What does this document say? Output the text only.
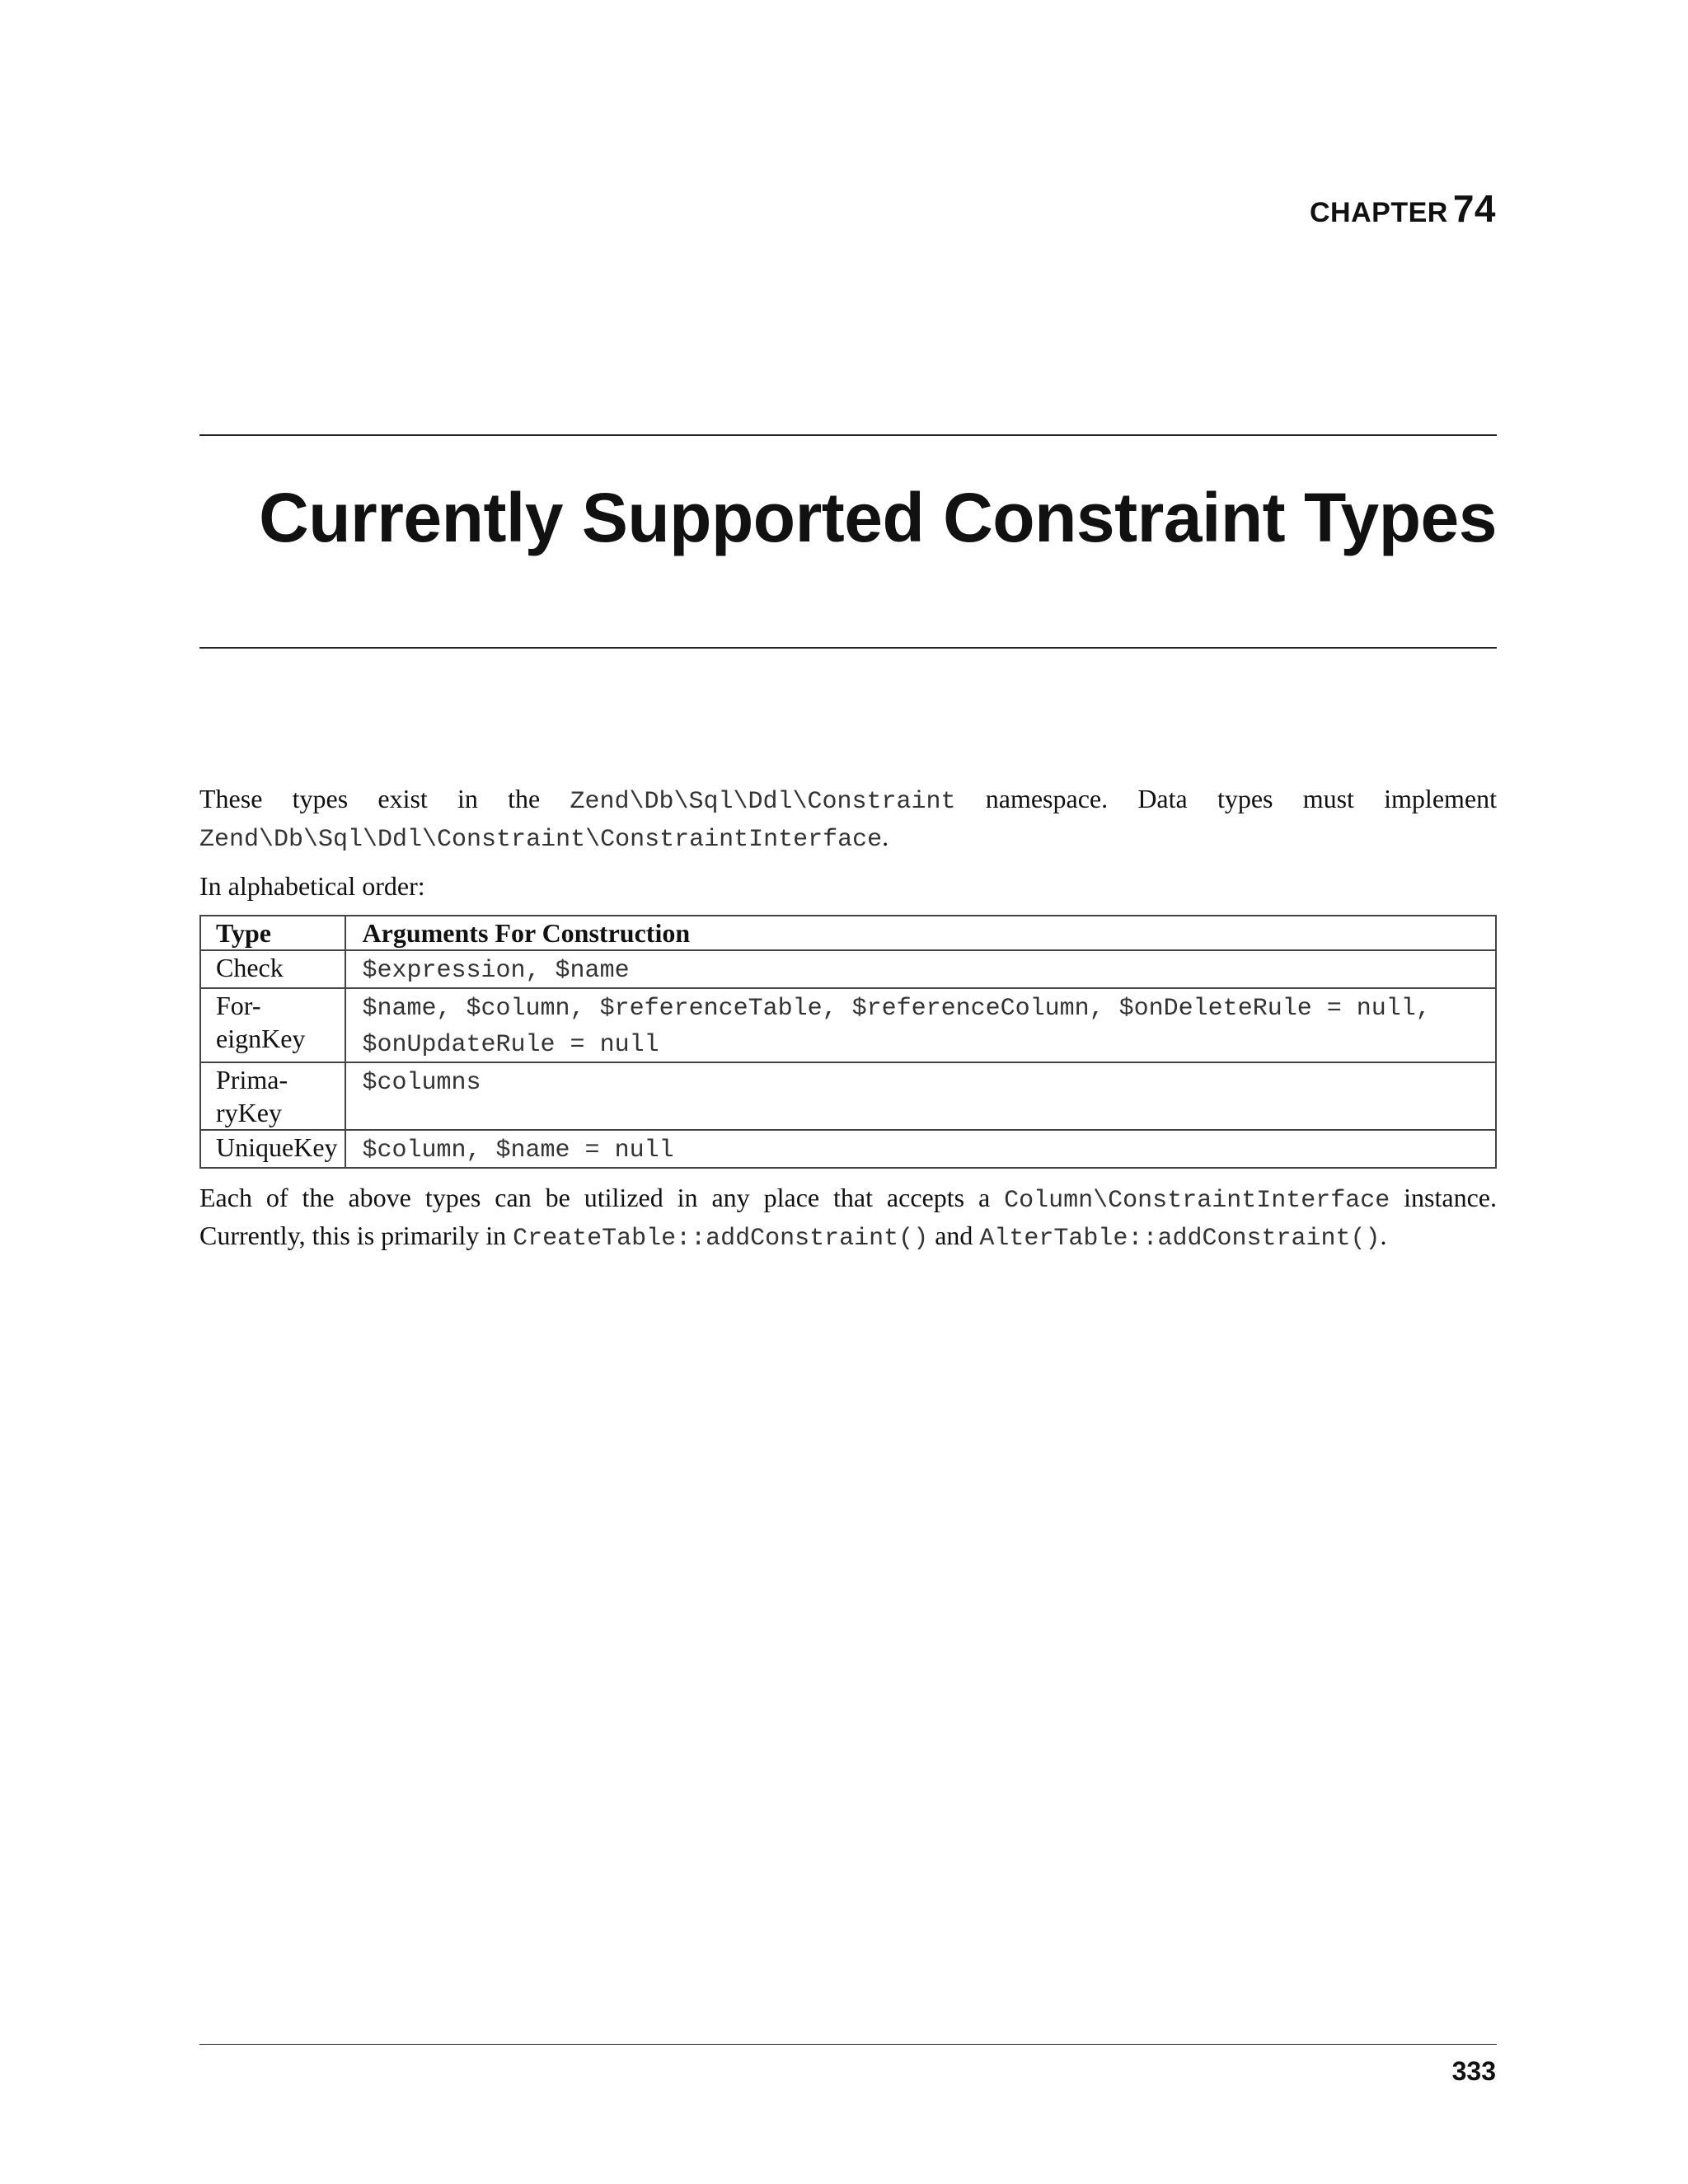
CHAPTER 74
Currently Supported Constraint Types

These types exist in the Zend\Db\Sql\Ddl\Constraint namespace. Data types must implement Zend\Db\Sql\Ddl\Constraint\ConstraintInterface.

In alphabetical order:

Type	Arguments For Construction
Check	$expression, $name
For-
eignKey	$name, $column, $referenceTable, $referenceColumn, $onDeleteRule = null, $onUpdateRule = null
Prima-
ryKey	$columns
UniqueKey	$column, $name = null

Each of the above types can be utilized in any place that accepts a Column\ConstraintInterface instance. Currently, this is primarily in CreateTable::addConstraint() and AlterTable::addConstraint().

333
